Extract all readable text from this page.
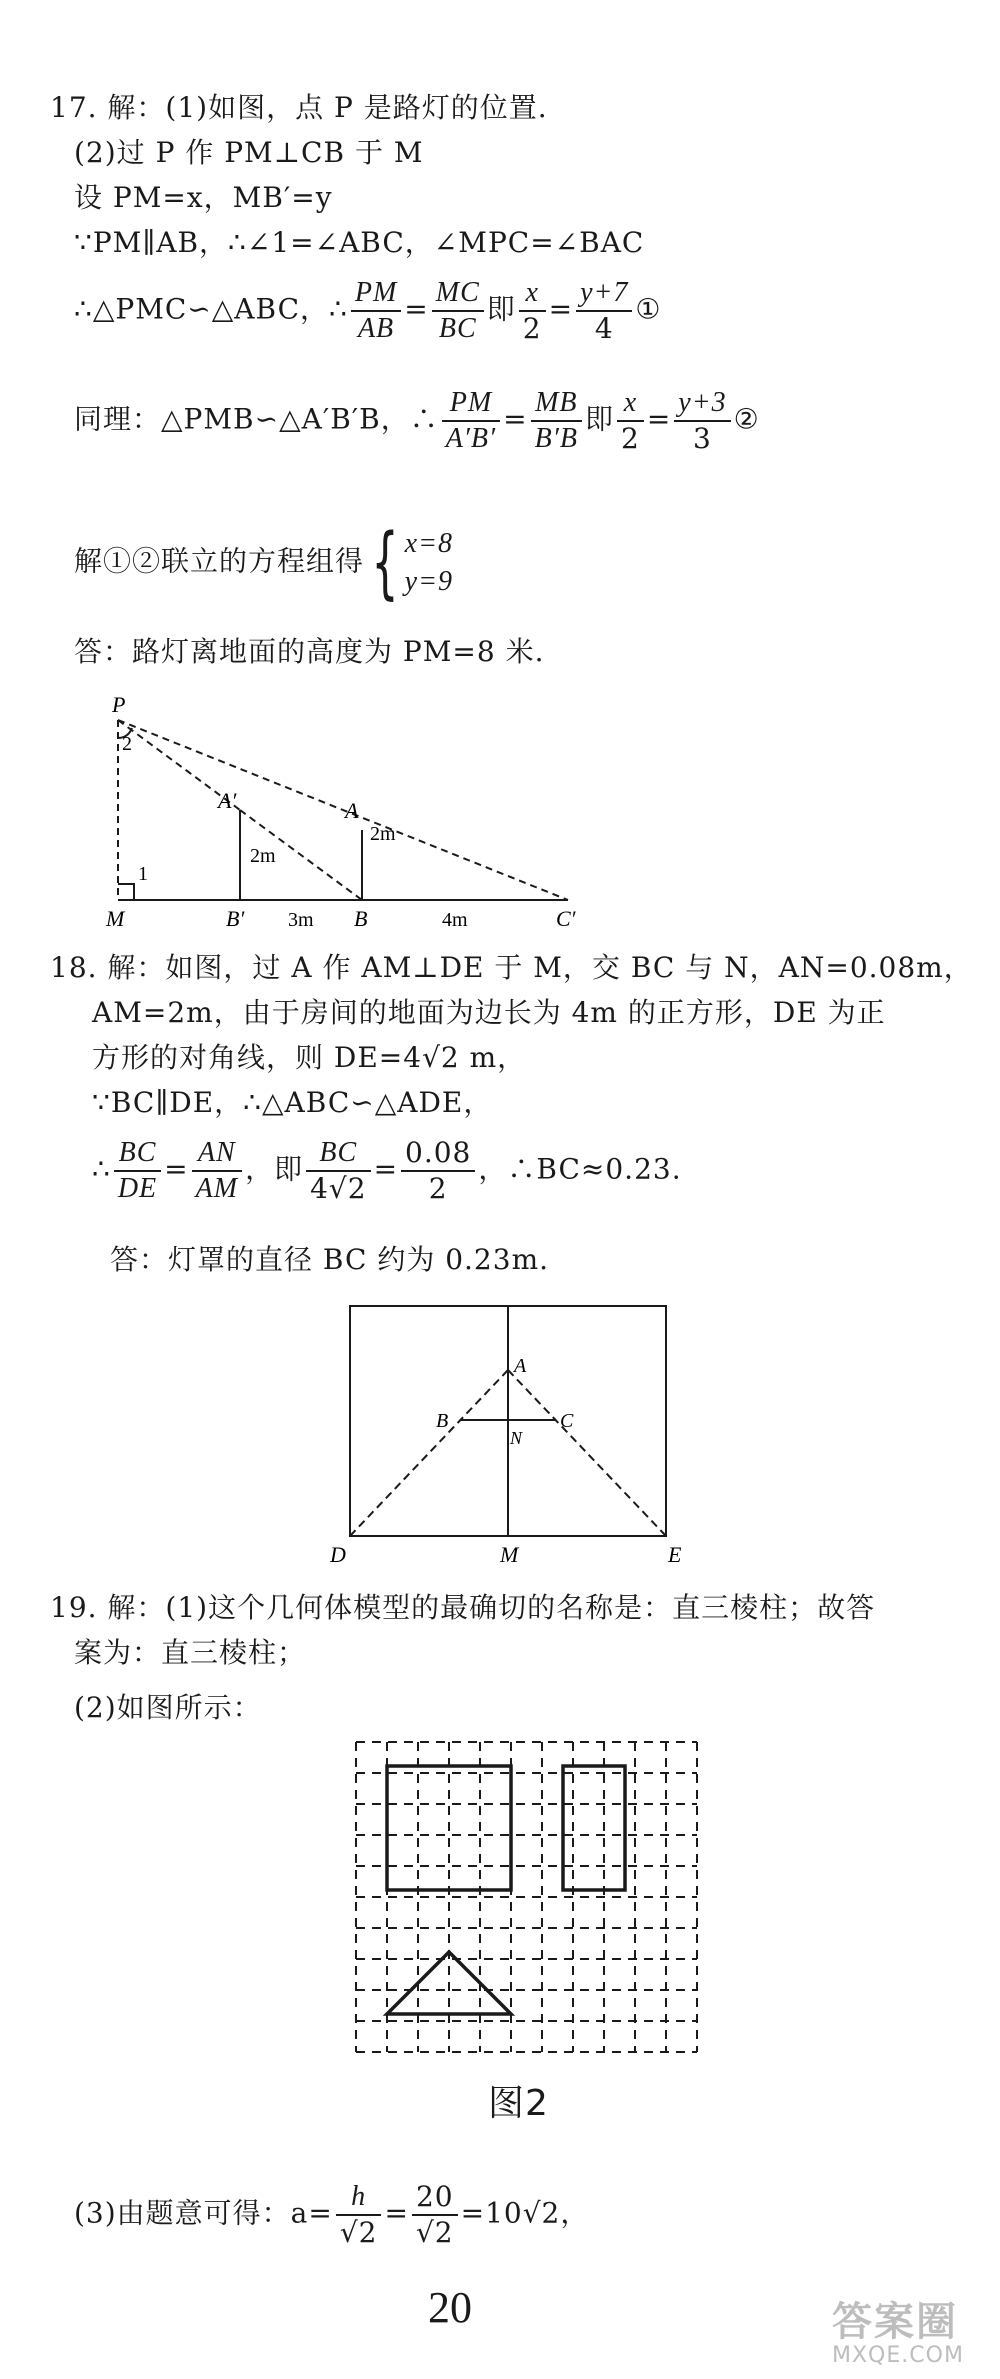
17. 解：(1)如图，点 P 是路灯的位置.
(2)过 P 作 PM⊥CB 于 M
设 PM=x，MB′=y
∵PM∥AB，∴∠1=∠ABC，∠MPC=∠BAC
∴△PMC∽△ABC，∴ $\frac{PM}{AB} = \frac{MC}{BC}$ 即 $\frac{x}{2} = \frac{y+7}{4}$ ①
同理：△PMB∽△A′B′B，∴ $\frac{PM}{A'B'} = \frac{MB}{B'B}$ 即 $\frac{x}{2} = \frac{y+3}{3}$ ②
解①②联立的方程组得{ x=8
y=9
答：路灯离地面的高度为 PM=8 米.
P
2
1
A′
2m
A
2m
M	B′ 3m B	4m	C′
18. 解：如图，过 A 作 AM⊥DE 于 M，交 BC 与 N，AN=0.08m，
AM=2m，由于房间的地面为边长为 4m 的正方形，DE 为正
方形的对角线，则 DE=4√2 m，
∵BC∥DE，∴△ABC∽△ADE，
∴ $\frac{BC}{DE} = \frac{AN}{AM}$ ，即 $\frac{BC}{4√2} = \frac{0.08}{2}$ ，∴BC≈0.23.
答：灯罩的直径 BC 约为 0.23m.
A
B	C
N
D	M	E
19. 解：(1)这个几何体模型的最确切的名称是：直三棱柱；故答
案为：直三棱柱；
(2)如图所示：
图2
(3)由题意可得：$a= \frac{h}{√2} = \frac{20}{√2} =10√2$，
20	答案圈
MXQE.COM
